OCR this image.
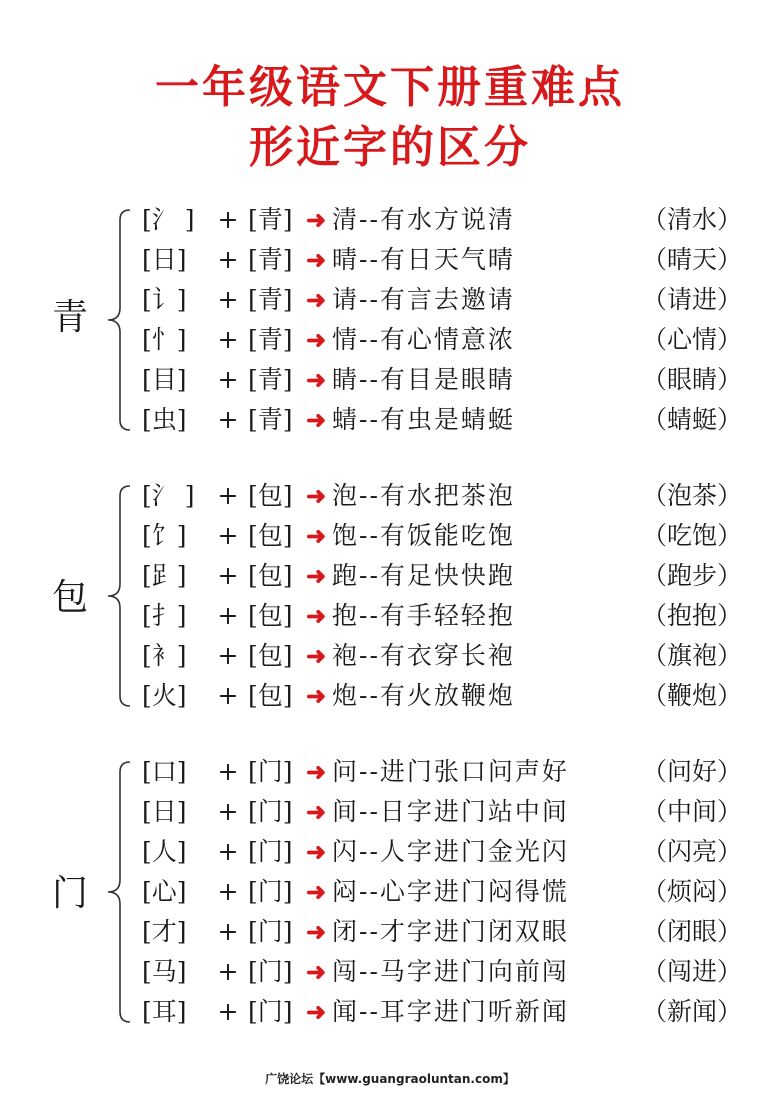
一年级语文下册重难点
形近字的区分
青
[氵 ] + [青] ➜ 清--有水方说清	（清水）
[日] + [青] ➜ 晴--有日天气晴	（晴天）
[讠] + [青] ➜ 请--有言去邀请	（请进）
[忄] + [青] ➜ 情--有心情意浓	（心情）
[目] + [青] ➜ 睛--有目是眼睛	（眼睛）
[虫] + [青] ➜ 蜻--有虫是蜻蜓	（蜻蜓）
包
[氵 ] + [包] ➜ 泡--有水把茶泡	（泡茶）
[饣] + [包] ➜ 饱--有饭能吃饱	（吃饱）
[𧾷] + [包] ➜ 跑--有足快快跑	（跑步）
[扌] + [包] ➜ 抱--有手轻轻抱	（抱抱）
[衤] + [包] ➜ 袍--有衣穿长袍	（旗袍）
[火] + [包] ➜ 炮--有火放鞭炮	（鞭炮）
门
[口] + [门] ➜ 问--进门张口问声好	（问好）
[日] + [门] ➜ 间--日字进门站中间	（中间）
[人] + [门] ➜ 闪--人字进门金光闪	（闪亮）
[心] + [门] ➜ 闷--心字进门闷得慌	（烦闷）
[才] + [门] ➜ 闭--才字进门闭双眼	（闭眼）
[马] + [门] ➜ 闯--马字进门向前闯	（闯进）
[耳] + [门] ➜ 闻--耳字进门听新闻	（新闻）
广饶论坛【www.guangraoluntan.com】
